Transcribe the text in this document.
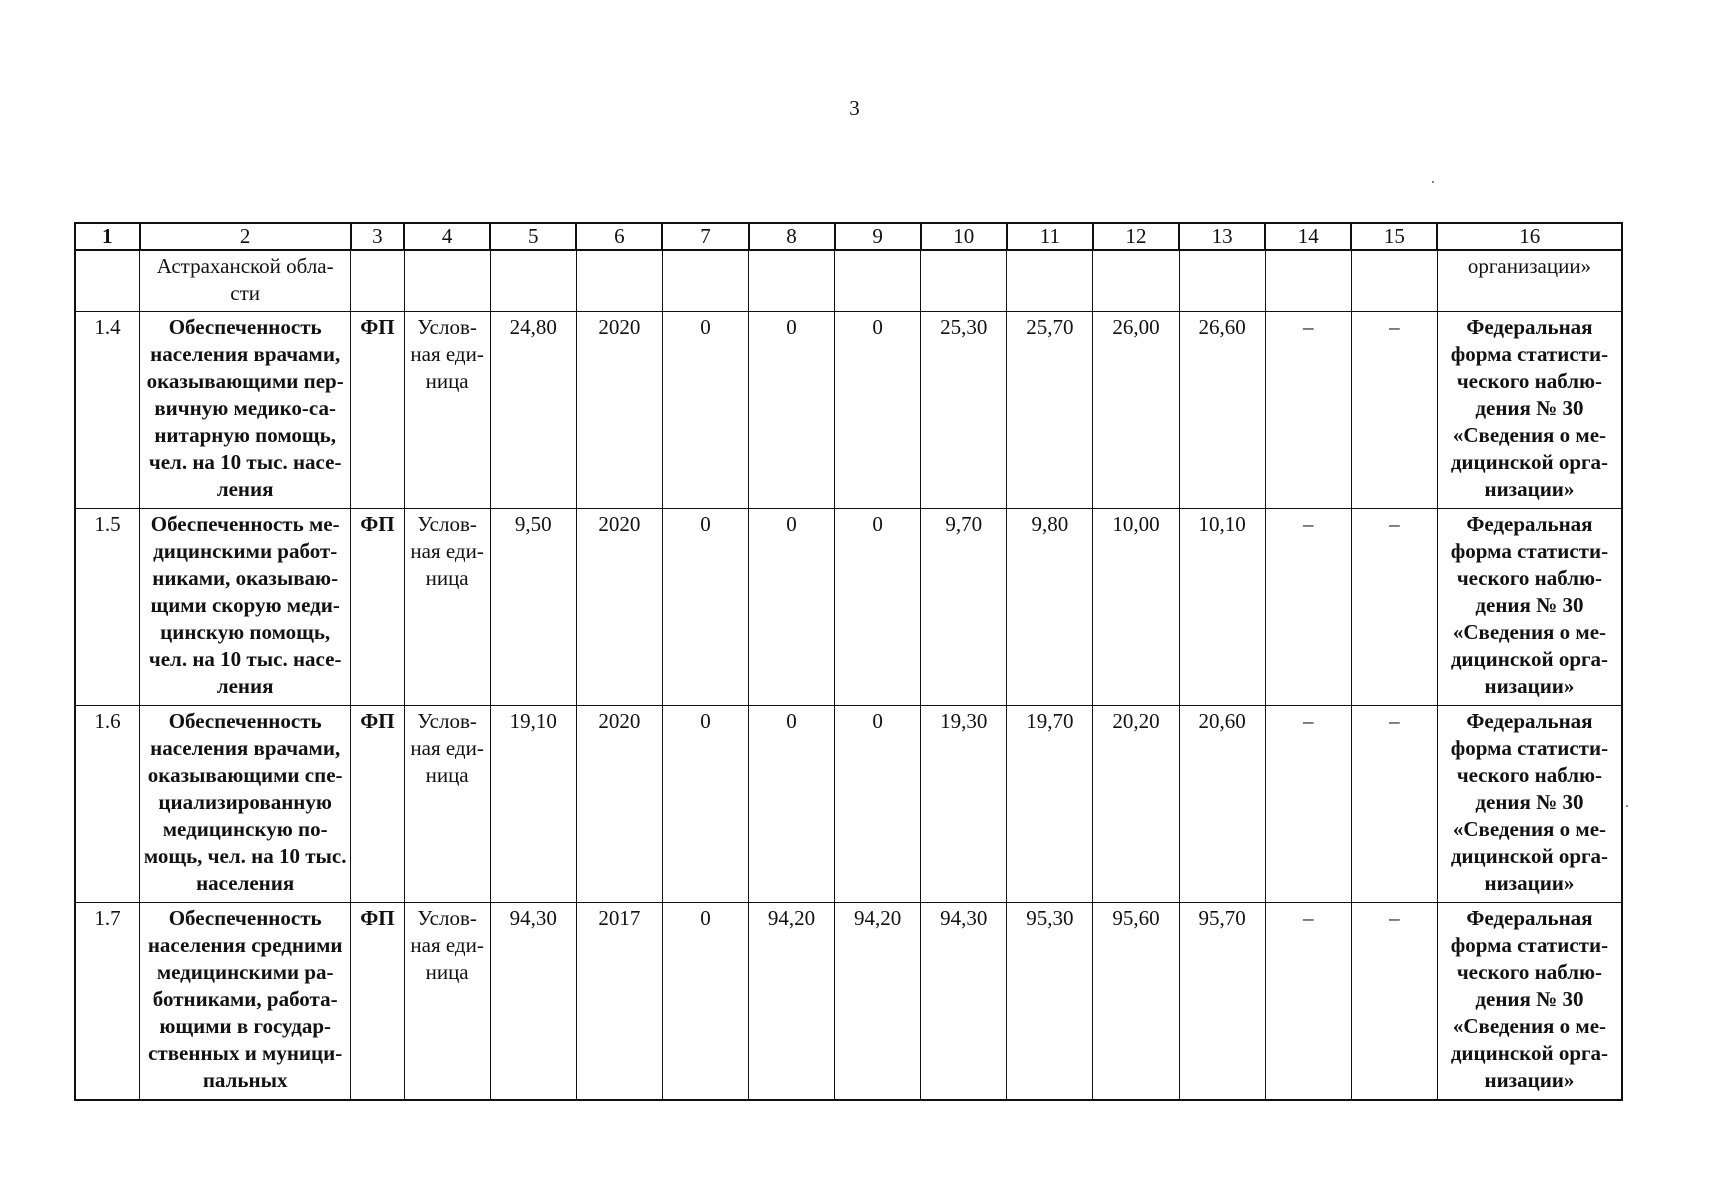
3
1	2	3	4	5	6	7	8	9	10	11	12	13	14	15	16
	Астраханской обла-сти														организации»
1.4	Обеспеченность населения врачами, оказывающими пер-вичную медико-са-нитарную помощь, чел. на 10 тыс. насе-ления	ФП	Услов-ная еди-ница	24,80	2020	0	0	0	25,30	25,70	26,00	26,60	–	–	Федеральная форма статисти-ческого наблю-дения № 30 «Сведения о ме-дицинской орга-низации»
1.5	Обеспеченность ме-дицинскими работ-никами, оказываю-щими скорую меди-цинскую помощь, чел. на 10 тыс. насе-ления	ФП	Услов-ная еди-ница	9,50	2020	0	0	0	9,70	9,80	10,00	10,10	–	–	Федеральная форма статисти-ческого наблю-дения № 30 «Сведения о ме-дицинской орга-низации»
1.6	Обеспеченность населения врачами, оказывающими спе-циализированную медицинскую по-мощь, чел. на 10 тыс. населения	ФП	Услов-ная еди-ница	19,10	2020	0	0	0	19,30	19,70	20,20	20,60	–	–	Федеральная форма статисти-ческого наблю-дения № 30 «Сведения о ме-дицинской орга-низации»
1.7	Обеспеченность населения средними медицинскими ра-ботниками, работа-ющими в государ-ственных и муници-пальных	ФП	Услов-ная еди-ница	94,30	2017	0	94,20	94,20	94,30	95,30	95,60	95,70	–	–	Федеральная форма статисти-ческого наблю-дения № 30 «Сведения о ме-дицинской орга-низации»
